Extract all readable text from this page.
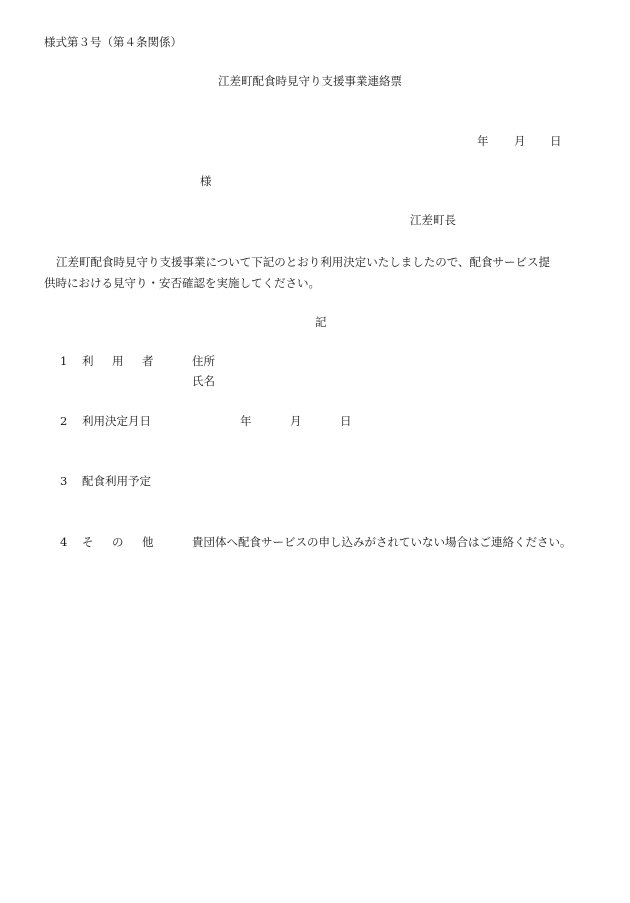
様式第３号（第４条関係）
江差町配食時見守り支援事業連絡票
年 月 日
様
江差町長
江差町配食時見守り支援事業について下記のとおり利用決定いたしましたので、配食サービス提
供時における見守り・安否確認を実施してください。
記
1 利 用 者	住所
氏名
2 利用決定月日	年	月	日
3 配食利用予定
4 そ の 他	貴団体へ配食サービスの申し込みがされていない場合はご連絡ください。
